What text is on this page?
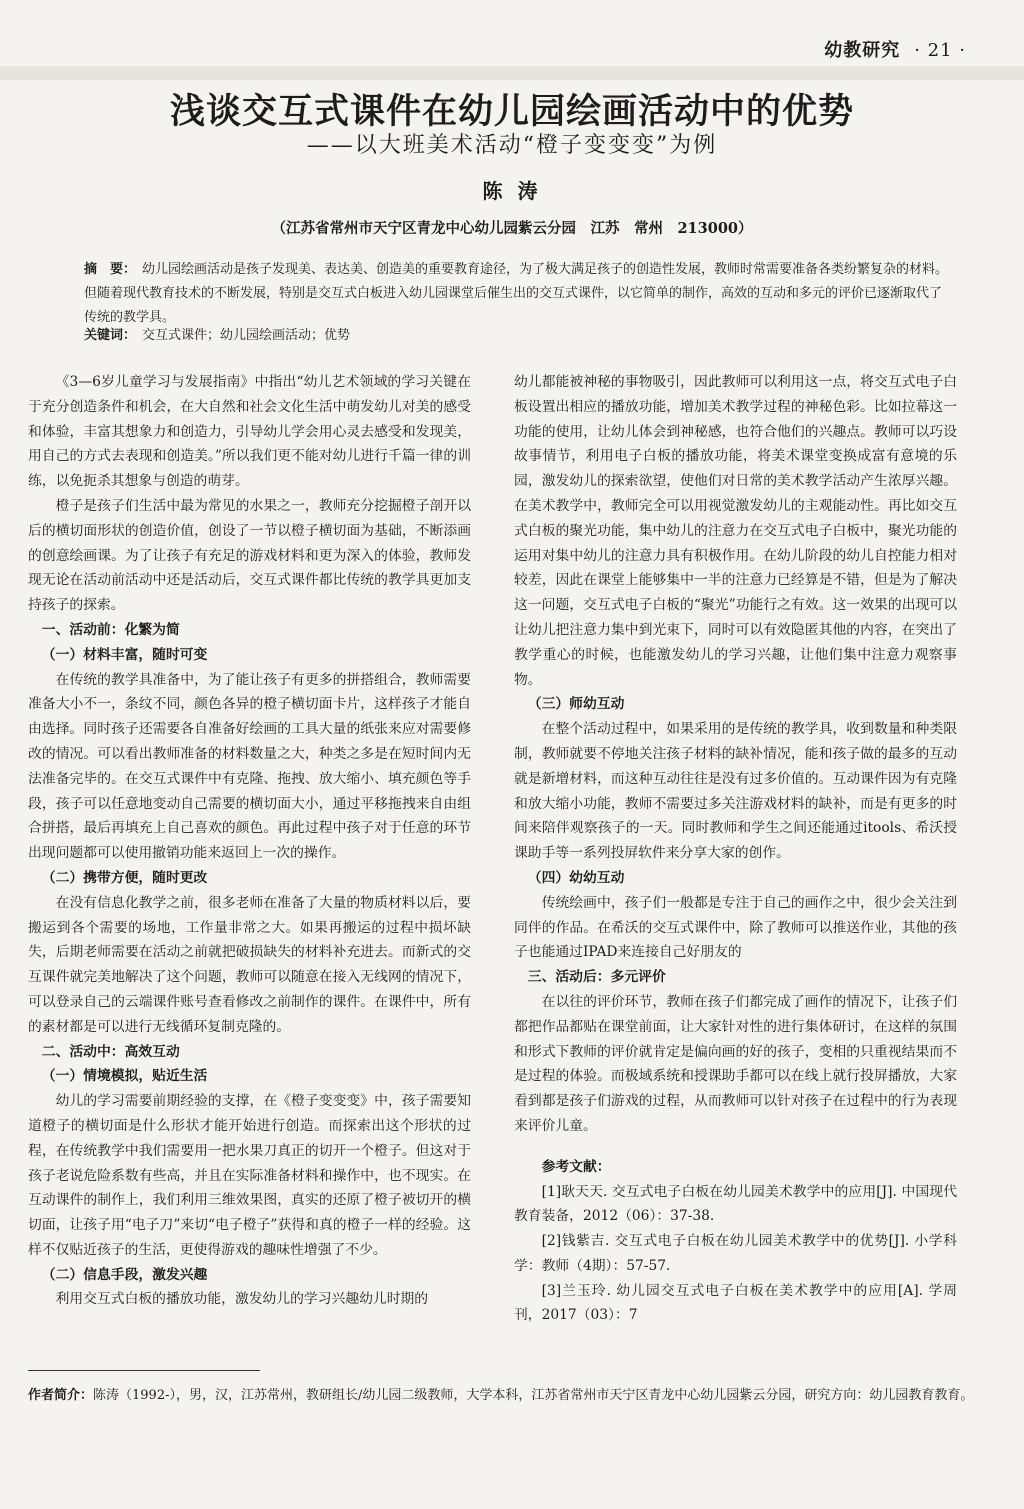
幼教研究 · 21 ·
浅谈交互式课件在幼儿园绘画活动中的优势
——以大班美术活动“橙子变变变”为例
陈 涛
（江苏省常州市天宁区青龙中心幼儿园紫云分园　江苏　常州　213000）
摘　要： 幼儿园绘画活动是孩子发现美、表达美、创造美的重要教育途径，为了极大满足孩子的创造性发展，教师时常需要准备各类纷繁复杂的材料。但随着现代教育技术的不断发展，特别是交互式白板进入幼儿园课堂后催生出的交互式课件，以它简单的制作，高效的互动和多元的评价已逐渐取代了传统的教学具。
关键词： 交互式课件；幼儿园绘画活动；优势

《3—6岁儿童学习与发展指南》中指出“幼儿艺术领域的学习关键在于充分创造条件和机会，在大自然和社会文化生活中萌发幼儿对美的感受和体验，丰富其想象力和创造力，引导幼儿学会用心灵去感受和发现美，用自己的方式去表现和创造美。”所以我们更不能对幼儿进行千篇一律的训练，以免扼杀其想象与创造的萌芽。

橙子是孩子们生活中最为常见的水果之一，教师充分挖掘橙子剖开以后的横切面形状的创造价值，创设了一节以橙子横切面为基础，不断添画的创意绘画课。为了让孩子有充足的游戏材料和更为深入的体验，教师发现无论在活动前活动中还是活动后，交互式课件都比传统的教学具更加支持孩子的探索。

一、活动前：化繁为简

（一）材料丰富，随时可变

在传统的教学具准备中，为了能让孩子有更多的拼搭组合，教师需要准备大小不一，条纹不同，颜色各异的橙子横切面卡片，这样孩子才能自由选择。同时孩子还需要各自准备好绘画的工具大量的纸张来应对需要修改的情况。可以看出教师准备的材料数量之大，种类之多是在短时间内无法准备完毕的。在交互式课件中有克隆、拖拽、放大缩小、填充颜色等手段，孩子可以任意地变动自己需要的横切面大小，通过平移拖拽来自由组合拼搭，最后再填充上自己喜欢的颜色。再此过程中孩子对于任意的环节出现问题都可以使用撤销功能来返回上一次的操作。

（二）携带方便，随时更改

在没有信息化教学之前，很多老师在准备了大量的物质材料以后，要搬运到各个需要的场地，工作量非常之大。如果再搬运的过程中损坏缺失，后期老师需要在活动之前就把破损缺失的材料补充进去。而新式的交互课件就完美地解决了这个问题，教师可以随意在接入无线网的情况下，可以登录自己的云端课件账号查看修改之前制作的课件。在课件中，所有的素材都是可以进行无线循环复制克隆的。

二、活动中：高效互动

（一）情境模拟，贴近生活

幼儿的学习需要前期经验的支撑，在《橙子变变变》中，孩子需要知道橙子的横切面是什么形状才能开始进行创造。而探索出这个形状的过程，在传统教学中我们需要用一把水果刀真正的切开一个橙子。但这对于孩子老说危险系数有些高，并且在实际准备材料和操作中，也不现实。在互动课件的制作上，我们利用三维效果图，真实的还原了橙子被切开的横切面，让孩子用“电子刀”来切“电子橙子”获得和真的橙子一样的经验。这样不仅贴近孩子的生活，更使得游戏的趣味性增强了不少。

（二）信息手段，激发兴趣

利用交互式白板的播放功能，激发幼儿的学习兴趣幼儿时期的

幼儿都能被神秘的事物吸引，因此教师可以利用这一点，将交互式电子白板设置出相应的播放功能，增加美术教学过程的神秘色彩。比如拉幕这一功能的使用，让幼儿体会到神秘感，也符合他们的兴趣点。教师可以巧设故事情节，利用电子白板的播放功能，将美术课堂变换成富有意境的乐园，激发幼儿的探索欲望，使他们对日常的美术教学活动产生浓厚兴趣。在美术教学中，教师完全可以用视觉激发幼儿的主观能动性。再比如交互式白板的聚光功能，集中幼儿的注意力在交互式电子白板中，聚光功能的运用对集中幼儿的注意力具有积极作用。在幼儿阶段的幼儿自控能力相对较差，因此在课堂上能够集中一半的注意力已经算是不错，但是为了解决这一问题，交互式电子白板的“聚光”功能行之有效。这一效果的出现可以让幼儿把注意力集中到光束下，同时可以有效隐匿其他的内容，在突出了教学重心的时候，也能激发幼儿的学习兴趣，让他们集中注意力观察事物。

（三）师幼互动

在整个活动过程中，如果采用的是传统的教学具，收到数量和种类限制，教师就要不停地关注孩子材料的缺补情况，能和孩子做的最多的互动就是新增材料，而这种互动往往是没有过多价值的。互动课件因为有克隆和放大缩小功能，教师不需要过多关注游戏材料的缺补，而是有更多的时间来陪伴观察孩子的一天。同时教师和学生之间还能通过itools、希沃授课助手等一系列投屏软件来分享大家的创作。

（四）幼幼互动

传统绘画中，孩子们一般都是专注于自己的画作之中，很少会关注到同伴的作品。在希沃的交互式课件中，除了教师可以推送作业，其他的孩子也能通过IPAD来连接自己好朋友的

三、活动后：多元评价

在以往的评价环节，教师在孩子们都完成了画作的情况下，让孩子们都把作品都贴在课堂前面，让大家针对性的进行集体研讨，在这样的氛围和形式下教师的评价就肯定是偏向画的好的孩子，变相的只重视结果而不是过程的体验。而极域系统和授课助手都可以在线上就行投屏播放，大家看到都是孩子们游戏的过程，从而教师可以针对孩子在过程中的行为表现来评价儿童。

参考文献：

[1]耿天天. 交互式电子白板在幼儿园美术教学中的应用[J]. 中国现代教育装备，2012（06）：37-38.

[2]钱紫吉. 交互式电子白板在幼儿园美术教学中的优势[J]. 小学科学：教师（4期）：57-57.

[3]兰玉玲. 幼儿园交互式电子白板在美术教学中的应用[A]. 学周刊，2017（03）：7

作者简介：陈涛（1992-），男，汉，江苏常州，教研组长/幼儿园二级教师，大学本科，江苏省常州市天宁区青龙中心幼儿园紫云分园，研究方向：幼儿园教育教育。
